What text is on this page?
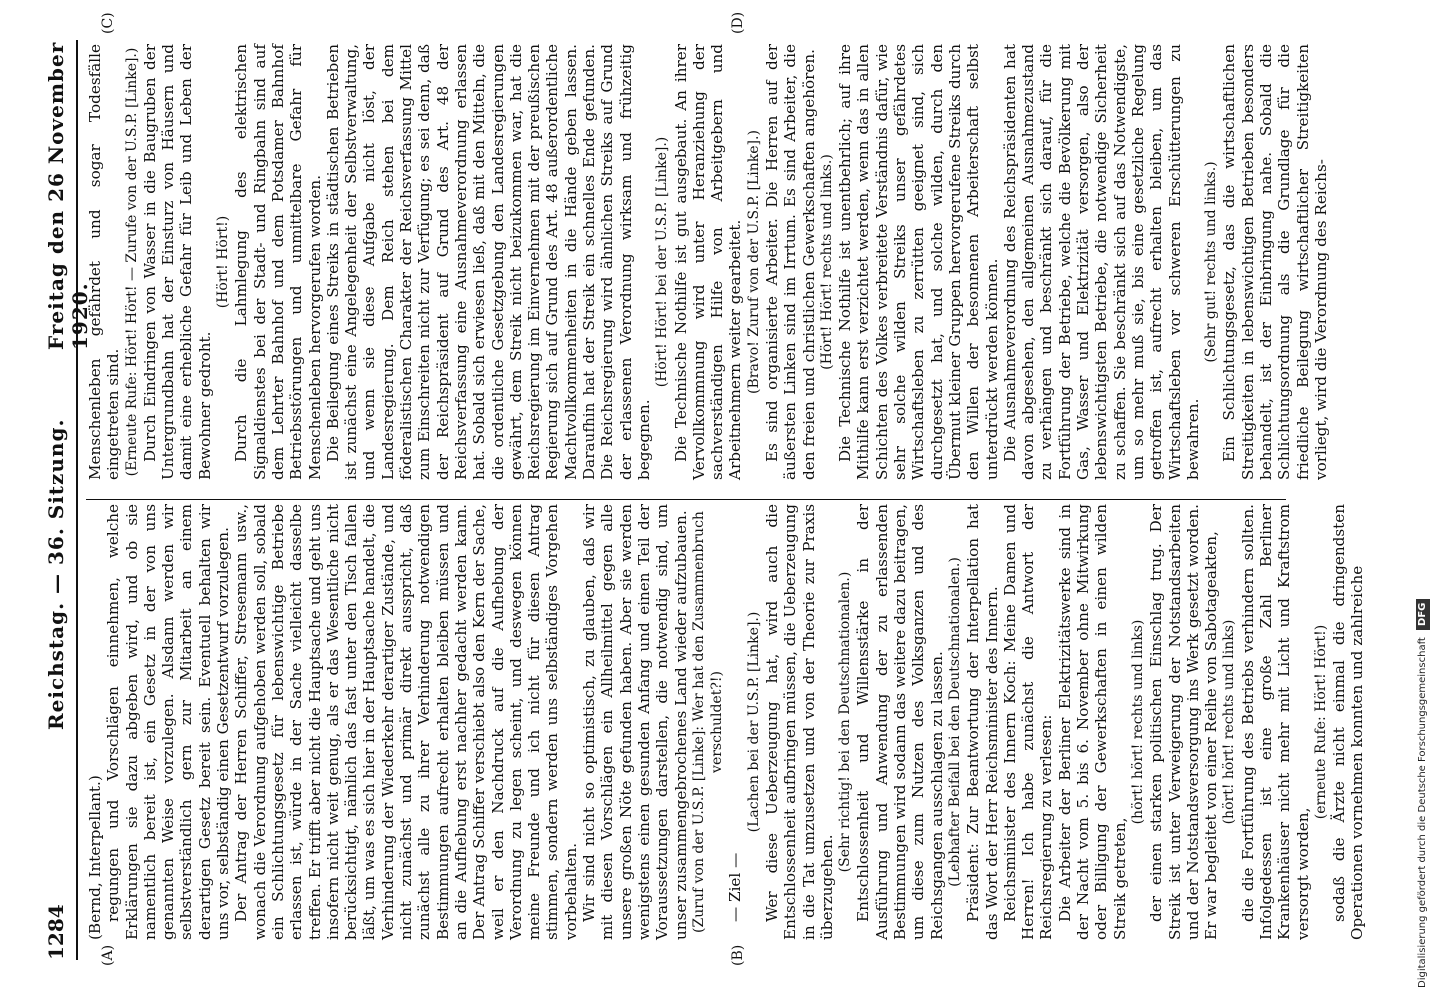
1284
Reichstag. — 36. Sitzung.
Freitag den 26 November 1920.
(A)	(B)
(C)	(D)

(Bernd, Interpellant.) regungen und Vorschlägen einnehmen, welche Erklärungen sie dazu abgeben wird, und ob sie namentlich bereit ist, ein Gesetz in der von uns genannten Weise vorzulegen. Alsdann werden wir selbstverständlich gern zur Mitarbeit an einem derartigen Gesetz bereit sein. Eventuell behalten wir uns vor, selbständig einen Gesetzentwurf vorzulegen. Der Antrag der Herren Schiffer, Stresemann usw., wonach die Verordnung aufgehoben werden soll, sobald ein Schlichtungsgesetz für lebenswichtige Betriebe erlassen ist, würde in der Sache vielleicht dasselbe treffen. Er trifft aber nicht die Hauptsache und geht uns insofern nicht weit genug, als er das Wesentliche nicht berücksichtigt, nämlich das fast unter den Tisch fallen läßt, um was es sich hier in der Hauptsache handelt, die Verhinderung der Wiederkehr derartiger Zustände, und nicht zunächst und primär direkt ausspricht, daß zunächst alle zu ihrer Verhinderung notwendigen Bestimmungen aufrecht erhalten bleiben müssen und an die Aufhebung erst nachher gedacht werden kann. Der Antrag Schiffer verschiebt also den Kern der Sache, weil er den Nachdruck auf die Aufhebung der Verordnung zu legen scheint, und deswegen können meine Freunde und ich nicht für diesen Antrag stimmen, sondern werden uns selbständiges Vorgehen vorbehalten. Wir sind nicht so optimistisch, zu glauben, daß wir mit diesen Vorschlägen ein Allheilmittel gegen alle unsere großen Nöte gefunden haben. Aber sie werden wenigstens einen gesunden Anfang und einen Teil der Voraussetzungen darstellen, die notwendig sind, um unser zusammengebrochenes Land wieder aufzubauen. (Zuruf von der U.S.P. [Linke]: Wer hat den Zusammenbruch verschuldet?!)

— Ziel —

(Lachen bei der U.S.P. [Linke].) Wer diese Ueberzeugung hat, wird auch die Entschlossenheit aufbringen müssen, die Ueberzeugung in die Tat umzusetzen und von der Theorie zur Praxis überzugehen.

(Sehr richtig! bei den Deutschnationalen.) Entschlossenheit und Willensstärke in der Ausführung und Anwendung der zu erlassenden Bestimmungen wird sodann das weitere dazu beitragen, um diese zum Nutzen des Volksganzen und des Reichsgangen ausschlagen zu lassen. (Lebhafter Beifall bei den Deutschnationalen.) Präsident: Zur Beantwortung der Interpellation hat das Wort der Herr Reichsminister des Innern. Reichsminister des Innern Koch: Meine Damen und Herren! Ich habe zunächst die Antwort der Reichsregierung zu verlesen: Die Arbeiter der Berliner Elektrizitätswerke sind in der Nacht vom 5. bis 6. November ohne Mitwirkung oder Billigung der Gewerkschaften in einen wilden Streik getreten,

(hört! hört! rechts und links) der einen starken politischen Einschlag trug. Der Streik ist unter Verweigerung der Notstandsarbeiten und der Notstandsversorgung ins Werk gesetzt worden. Er war begleitet von einer Reihe von Sabotageakten, (hört! hört! rechts und links) die die Fortführung des Betriebs verhindern sollten. Infolgedessen ist eine große Zahl Berliner Krankenhäuser nicht mehr mit Licht und Kraftstrom versorgt worden,

(erneute Rufe: Hört! Hört!) sodaß die Ärzte nicht einmal die dringendsten Operationen vornehmen konnten und zahlreiche

Menschenleben gefährdet und sogar Todesfälle eingetreten sind. (Erneute Rufe: Hört! Hört! — Zurufe von der U.S.P. [Linke].) Durch Eindringen von Wasser in die Baugruben der Untergrundbahn hat der Einsturz von Häusern und damit eine erhebliche Gefahr für Leib und Leben der Bewohner gedroht.

(Hört! Hört!) Durch die Lahmlegung des elektrischen Signaldienstes bei der Stadt- und Ringbahn sind auf dem Lehrter Bahnhof und dem Potsdamer Bahnhof Betriebsstörungen und unmittelbare Gefahr für Menschenleben hervorgerufen worden. Die Beilegung eines Streiks in städtischen Betrieben ist zunächst eine Angelegenheit der Selbstverwaltung, und wenn sie diese Aufgabe nicht löst, der Landesregierung. Dem Reich stehen bei dem föderalistischen Charakter der Reichsverfassung Mittel zum Einschreiten nicht zur Verfügung; es sei denn, daß der Reichspräsident auf Grund des Art. 48 der Reichsverfassung eine Ausnahmeverordnung erlassen hat. Sobald sich erwiesen ließ, daß mit den Mitteln, die die ordentliche Gesetzgebung den Landesregierungen gewährt, dem Streik nicht beizukommen war, hat die Reichsregierung im Einvernehmen mit der preußischen Regierung sich auf Grund des Art. 48 außerordentliche Machtvollkommenheiten in die Hände geben lassen. Daraufhin hat der Streik ein schnelles Ende gefunden. Die Reichsregierung wird ähnlichen Streiks auf Grund der erlassenen Verordnung wirksam und frühzeitig begegnen.

(Hört! Hört! bei der U.S.P. [Linke].) Die Technische Nothilfe ist gut ausgebaut. An ihrer Vervollkommnung wird unter Heranziehung der sachverständigen Hilfe von Arbeitgebern und Arbeitnehmern weiter gearbeitet. (Bravo! Zuruf von der U.S.P. [Linke].) Es sind organisierte Arbeiter. Die Herren auf der äußersten Linken sind im Irrtum. Es sind Arbeiter, die den freien und christlichen Gewerkschaften angehören. (Hört! Hört! rechts und links.) Die Technische Nothilfe ist unentbehrlich; auf ihre Mithilfe kann erst verzichtet werden, wenn das in allen Schichten des Volkes verbreitete Verständnis dafür, wie sehr solche wilden Streiks unser gefährdetes Wirtschaftsleben zu zerrütten geeignet sind, sich durchgesetzt hat, und solche wilden, durch den Übermut kleiner Gruppen hervorgerufene Streiks durch den Willen der besonnenen Arbeiterschaft selbst unterdrückt werden können. Die Ausnahmeverordnung des Reichspräsidenten hat davon abgesehen, den allgemeinen Ausnahmezustand zu verhängen und beschränkt sich darauf, für die Fortführung der Betriebe, welche die Bevölkerung mit Gas, Wasser und Elektrizität versorgen, also der lebenswichtigsten Betriebe, die notwendige Sicherheit zu schaffen. Sie beschränkt sich auf das Notwendigste, um so mehr muß sie, bis eine gesetzliche Regelung getroffen ist, aufrecht erhalten bleiben, um das Wirtschaftsleben vor schweren Erschütterungen zu bewahren.

(Sehr gut! rechts und links.) Ein Schlichtungsgesetz, das die wirtschaftlichen Streitigkeiten in lebenswichtigen Betrieben besonders behandelt, ist der Einbringung nahe. Sobald die Schlichtungsordnung als die Grundlage für die friedliche Beilegung wirtschaftlicher Streitigkeiten vorliegt, wird die Verordnung des Reichs-

Digitalisierung gefördert durch die Deutsche Forschungsgemeinschaft DFG
